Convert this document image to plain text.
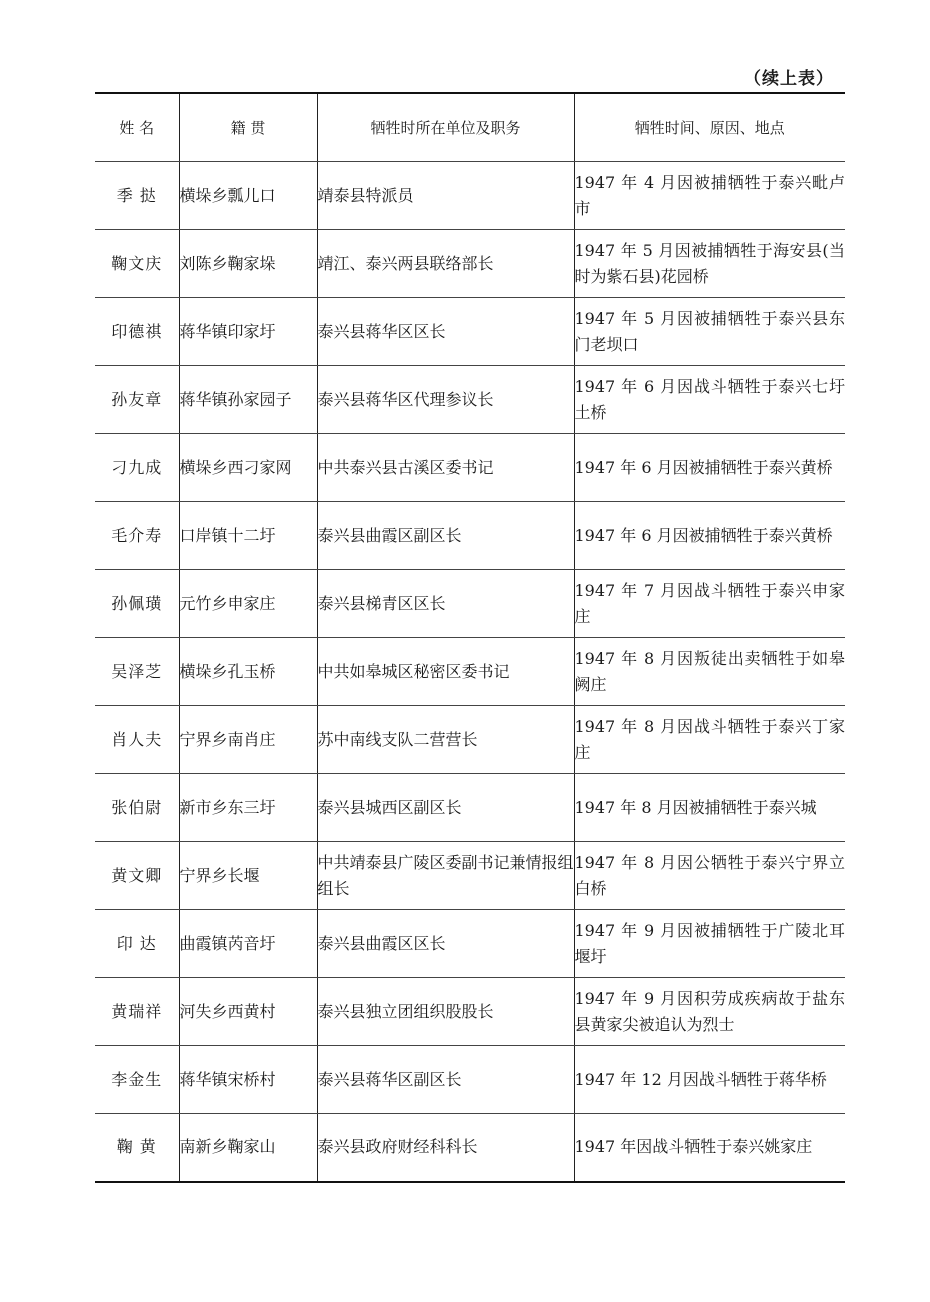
（续上表）
姓 名	籍 贯	牺牲时所在单位及职务	牺牲时间、原因、地点
季 挞	横垛乡瓢儿口	靖泰县特派员	1947 年 4 月因被捕牺牲于泰兴毗卢市
鞠文庆	刘陈乡鞠家垛	靖江、泰兴两县联络部长	1947 年 5 月因被捕牺牲于海安县(当时为紫石县)花园桥
印德祺	蒋华镇印家圩	泰兴县蒋华区区长	1947 年 5 月因被捕牺牲于泰兴县东门老坝口
孙友章	蒋华镇孙家园子	泰兴县蒋华区代理参议长	1947 年 6 月因战斗牺牲于泰兴七圩土桥
刁九成	横垛乡西刁家网	中共泰兴县古溪区委书记	1947 年 6 月因被捕牺牲于泰兴黄桥
毛介寿	口岸镇十二圩	泰兴县曲霞区副区长	1947 年 6 月因被捕牺牲于泰兴黄桥
孙佩璜	元竹乡申家庄	泰兴县梯青区区长	1947 年 7 月因战斗牺牲于泰兴申家庄
吴泽芝	横垛乡孔玉桥	中共如皋城区秘密区委书记	1947 年 8 月因叛徒出卖牺牲于如皋阙庄
肖人夫	宁界乡南肖庄	苏中南线支队二营营长	1947 年 8 月因战斗牺牲于泰兴丁家庄
张伯尉	新市乡东三圩	泰兴县城西区副区长	1947 年 8 月因被捕牺牲于泰兴城
黄文卿	宁界乡长堰	中共靖泰县广陵区委副书记兼情报组组长	1947 年 8 月因公牺牲于泰兴宁界立白桥
印 达	曲霞镇芮音圩	泰兴县曲霞区区长	1947 年 9 月因被捕牺牲于广陵北耳堰圩
黄瑞祥	河失乡西黄村	泰兴县独立团组织股股长	1947 年 9 月因积劳成疾病故于盐东县黄家尖被追认为烈士
李金生	蒋华镇宋桥村	泰兴县蒋华区副区长	1947 年 12 月因战斗牺牲于蒋华桥
鞠 黄	南新乡鞠家山	泰兴县政府财经科科长	1947 年因战斗牺牲于泰兴姚家庄
